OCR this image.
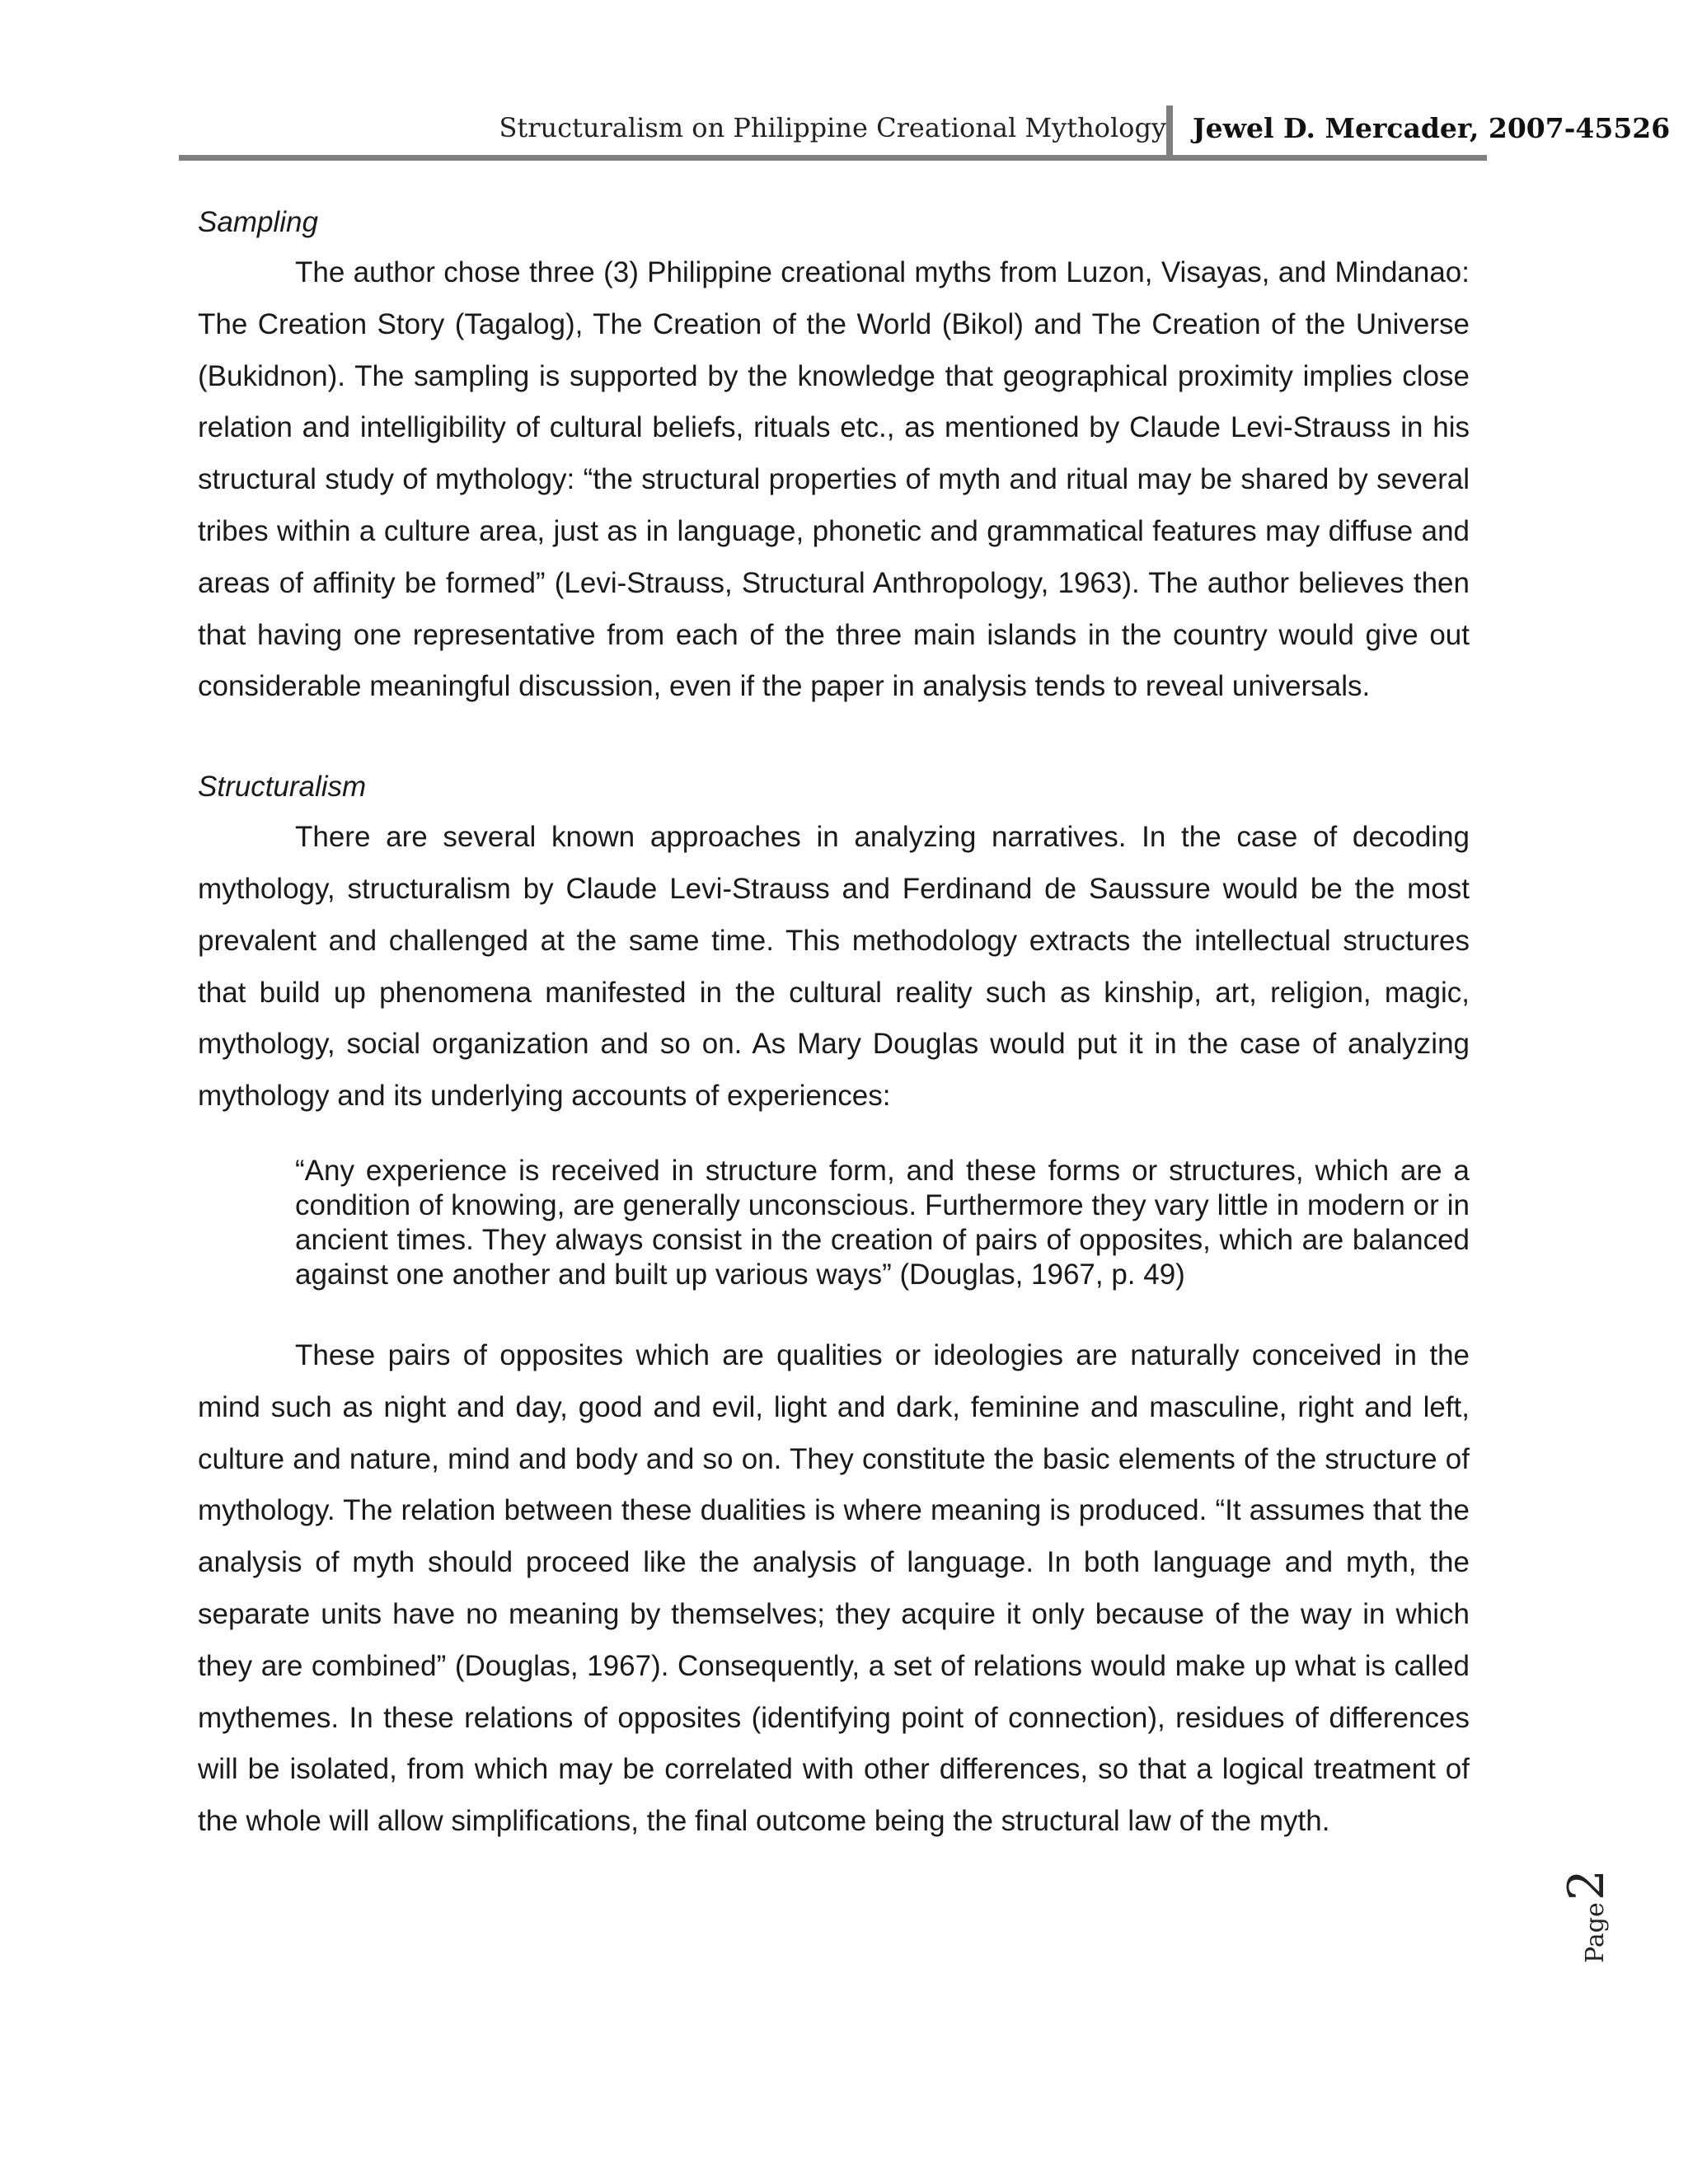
Structuralism on Philippine Creational Mythology Jewel D. Mercader, 2007-45526

Sampling

The author chose three (3) Philippine creational myths from Luzon, Visayas, and Mindanao: The Creation Story (Tagalog), The Creation of the World (Bikol) and The Creation of the Universe (Bukidnon). The sampling is supported by the knowledge that geographical proximity implies close relation and intelligibility of cultural beliefs, rituals etc., as mentioned by Claude Levi-Strauss in his structural study of mythology: “the structural properties of myth and ritual may be shared by several tribes within a culture area, just as in language, phonetic and grammatical features may diffuse and areas of affinity be formed” (Levi-Strauss, Structural Anthropology, 1963). The author believes then that having one representative from each of the three main islands in the country would give out considerable meaningful discussion, even if the paper in analysis tends to reveal universals.

Structuralism

There are several known approaches in analyzing narratives. In the case of decoding mythology, structuralism by Claude Levi-Strauss and Ferdinand de Saussure would be the most prevalent and challenged at the same time. This methodology extracts the intellectual structures that build up phenomena manifested in the cultural reality such as kinship, art, religion, magic, mythology, social organization and so on. As Mary Douglas would put it in the case of analyzing mythology and its underlying accounts of experiences:

“Any experience is received in structure form, and these forms or structures, which are a condition of knowing, are generally unconscious. Furthermore they vary little in modern or in ancient times. They always consist in the creation of pairs of opposites, which are balanced against one another and built up various ways” (Douglas, 1967, p. 49)

These pairs of opposites which are qualities or ideologies are naturally conceived in the mind such as night and day, good and evil, light and dark, feminine and masculine, right and left, culture and nature, mind and body and so on. They constitute the basic elements of the structure of mythology. The relation between these dualities is where meaning is produced. “It assumes that the analysis of myth should proceed like the analysis of language. In both language and myth, the separate units have no meaning by themselves; they acquire it only because of the way in which they are combined” (Douglas, 1967). Consequently, a set of relations would make up what is called mythemes. In these relations of opposites (identifying point of connection), residues of differences will be isolated, from which may be correlated with other differences, so that a logical treatment of the whole will allow simplifications, the final outcome being the structural law of the myth.

Page2
